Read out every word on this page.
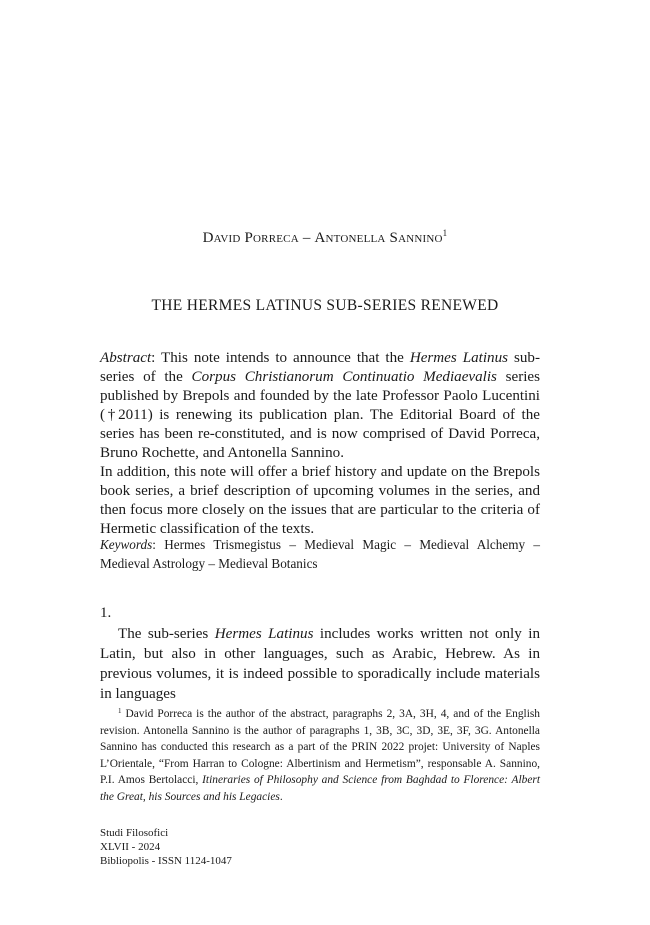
David Porreca – Antonella Sannino$^1$
THE HERMES LATINUS SUB-SERIES RENEWED

Abstract: This note intends to announce that the Hermes Latinus sub-series of the Corpus Christianorum Continuatio Mediaevalis series published by Brepols and founded by the late Professor Paolo Lucentini (†2011) is renewing its publication plan. The Editorial Board of the series has been re-constituted, and is now comprised of David Porreca, Bruno Rochette, and Antonella Sannino.

In addition, this note will offer a brief history and update on the Brepols book series, a brief description of upcoming volumes in the series, and then focus more closely on the issues that are particular to the criteria of Hermetic classification of the texts.

Keywords: Hermes Trismegistus – Medieval Magic – Medieval Alchemy – Medieval Astrology – Medieval Botanics
1.
The sub-series Hermes Latinus includes works written not only in Latin, but also in other languages, such as Arabic, Hebrew. As in previous volumes, it is indeed possible to sporadically include materials in languages
$^1$ David Porreca is the author of the abstract, paragraphs 2, 3A, 3H, 4, and of the English revision. Antonella Sannino is the author of paragraphs 1, 3B, 3C, 3D, 3E, 3F, 3G. Antonella Sannino has conducted this research as a part of the PRIN 2022 projet: University of Naples L’Orientale, “From Harran to Cologne: Albertinism and Hermetism”, responsable A. Sannino, P.I. Amos Bertolacci, Itineraries of Philosophy and Science from Baghdad to Florence: Albert the Great, his Sources and his Legacies.
Studi Filosofici
XLVII - 2024
Bibliopolis - ISSN 1124-1047
